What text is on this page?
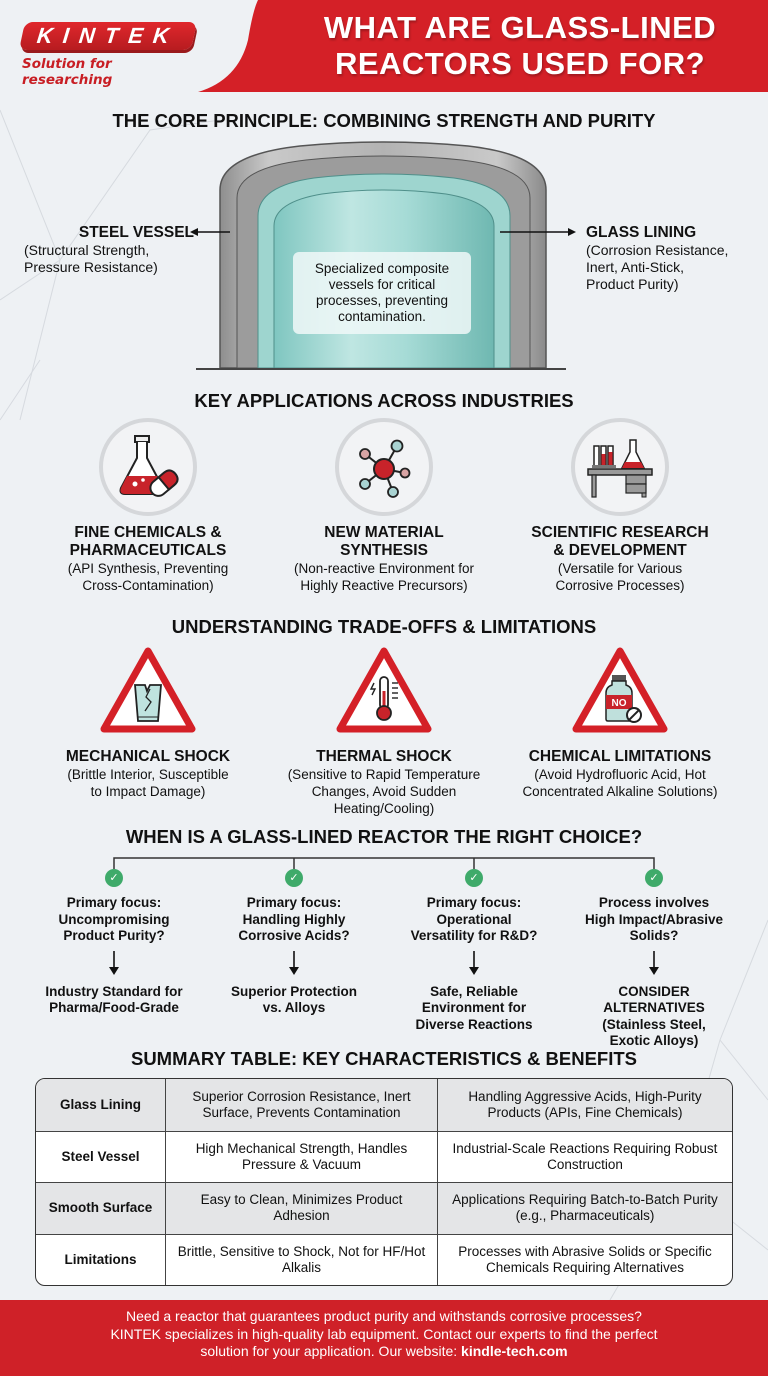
KINTEK
Solution for researching
WHAT ARE GLASS-LINED
REACTORS USED FOR?
THE CORE PRINCIPLE: COMBINING STRENGTH AND PURITY
STEEL VESSEL
(Structural Strength,
Pressure Resistance)
GLASS LINING
(Corrosion Resistance,
Inert, Anti-Stick,
Product Purity)
Specialized composite vessels for critical processes, preventing contamination.
KEY APPLICATIONS ACROSS INDUSTRIES
FINE CHEMICALS &
PHARMACEUTICALS
(API Synthesis, Preventing
Cross-Contamination)
NEW MATERIAL
SYNTHESIS
(Non-reactive Environment for
Highly Reactive Precursors)
SCIENTIFIC RESEARCH
& DEVELOPMENT
(Versatile for Various
Corrosive Processes)
UNDERSTANDING TRADE-OFFS & LIMITATIONS
MECHANICAL SHOCK
(Brittle Interior, Susceptible
to Impact Damage)
THERMAL SHOCK
(Sensitive to Rapid Temperature
Changes, Avoid Sudden
Heating/Cooling)
NO
CHEMICAL LIMITATIONS
(Avoid Hydrofluoric Acid, Hot
Concentrated Alkaline Solutions)
WHEN IS A GLASS-LINED REACTOR THE RIGHT CHOICE?
✓
Primary focus:
Uncompromising
Product Purity?
Industry Standard for
Pharma/Food-Grade
✓
Primary focus:
Handling Highly
Corrosive Acids?
Superior Protection
vs. Alloys
✓
Primary focus:
Operational
Versatility for R&D?
Safe, Reliable
Environment for
Diverse Reactions
✓
Process involves
High Impact/Abrasive
Solids?
CONSIDER
ALTERNATIVES
(Stainless Steel,
Exotic Alloys)
SUMMARY TABLE: KEY CHARACTERISTICS & BENEFITS
Glass Lining
Superior Corrosion Resistance, Inert Surface, Prevents Contamination
Handling Aggressive Acids, High-Purity Products (APIs, Fine Chemicals)
Steel Vessel
High Mechanical Strength, Handles Pressure & Vacuum
Industrial-Scale Reactions Requiring Robust Construction
Smooth Surface
Easy to Clean, Minimizes Product Adhesion
Applications Requiring Batch-to-Batch Purity (e.g., Pharmaceuticals)
Limitations
Brittle, Sensitive to Shock, Not for HF/Hot Alkalis
Processes with Abrasive Solids or Specific Chemicals Requiring Alternatives
Need a reactor that guarantees product purity and withstands corrosive processes?
KINTEK specializes in high-quality lab equipment. Contact our experts to find the perfect
solution for your application. Our website: kindle-tech.com
